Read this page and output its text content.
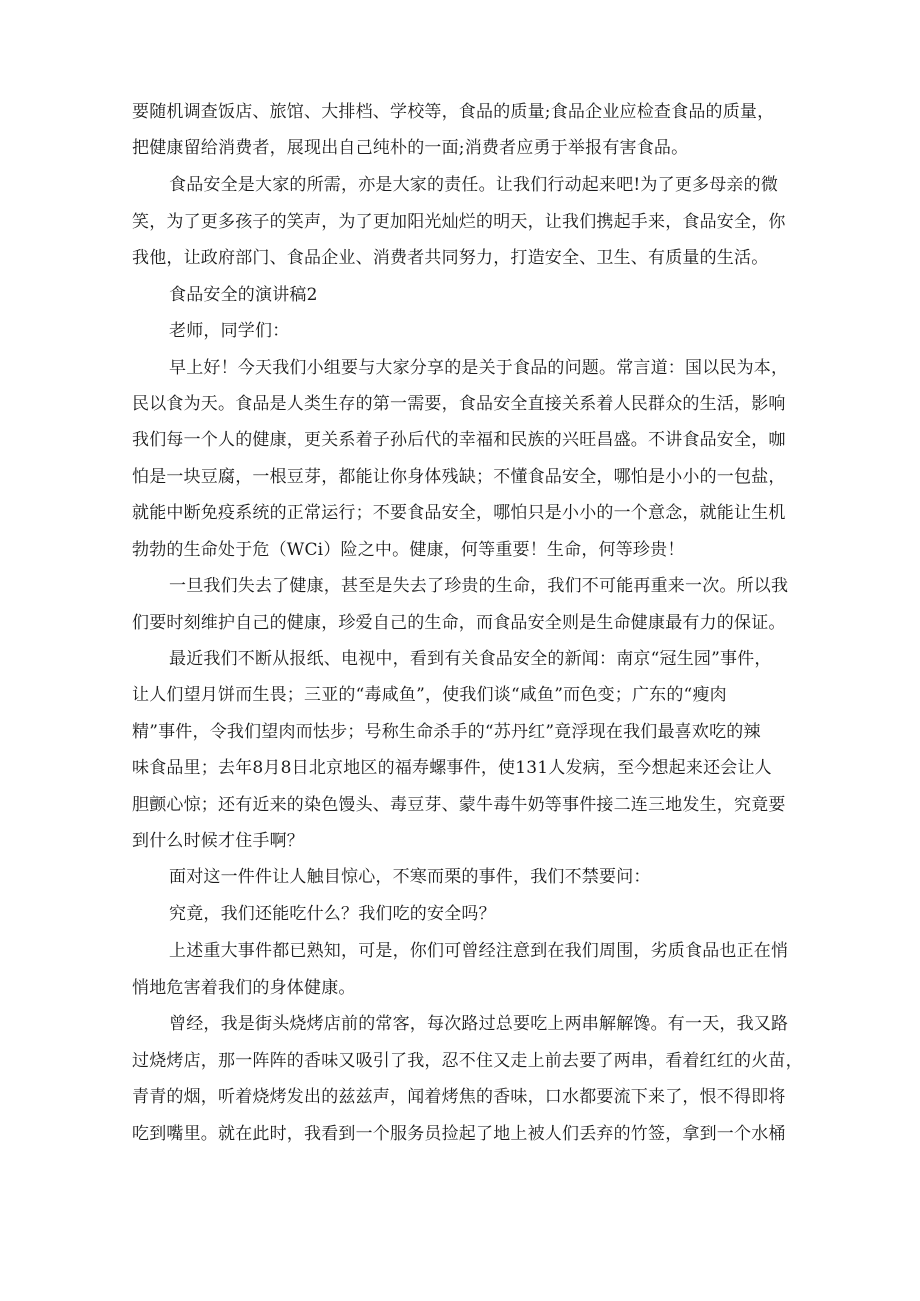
要随机调查饭店、旅馆、大排档、学校等，食品的质量;食品企业应检查食品的质量，
把健康留给消费者，展现出自己纯朴的一面;消费者应勇于举报有害食品。
食品安全是大家的所需，亦是大家的责任。让我们行动起来吧!为了更多母亲的微
笑，为了更多孩子的笑声，为了更加阳光灿烂的明天，让我们携起手来，食品安全，你
我他，让政府部门、食品企业、消费者共同努力，打造安全、卫生、有质量的生活。
食品安全的演讲稿2
老师，同学们：
早上好！今天我们小组要与大家分享的是关于食品的问题。常言道：国以民为本，
民以食为天。食品是人类生存的第一需要，食品安全直接关系着人民群众的生活，影响
我们每一个人的健康，更关系着子孙后代的幸福和民族的兴旺昌盛。不讲食品安全，咖
怕是一块豆腐，一根豆芽，都能让你身体残缺；不懂食品安全，哪怕是小小的一包盐，
就能中断免疫系统的正常运行；不要食品安全，哪怕只是小小的一个意念，就能让生机
勃勃的生命处于危（WCi）险之中。健康，何等重要！生命，何等珍贵！
一旦我们失去了健康，甚至是失去了珍贵的生命，我们不可能再重来一次。所以我
们要时刻维护自己的健康，珍爱自己的生命，而食品安全则是生命健康最有力的保证。
最近我们不断从报纸、电视中，看到有关食品安全的新闻：南京“冠生园”事件，
让人们望月饼而生畏；三亚的“毒咸鱼”，使我们谈“咸鱼”而色变；广东的“瘦肉
精”事件，令我们望肉而怯步；号称生命杀手的“苏丹红”竟浮现在我们最喜欢吃的辣
味食品里；去年8月8日北京地区的福寿螺事件，使131人发病，至今想起来还会让人
胆颤心惊；还有近来的染色馒头、毒豆芽、蒙牛毒牛奶等事件接二连三地发生，究竟要
到什么时候才住手啊？
面对这一件件让人触目惊心，不寒而栗的事件，我们不禁要问：
究竟，我们还能吃什么？我们吃的安全吗？
上述重大事件都已熟知，可是，你们可曾经注意到在我们周围，劣质食品也正在悄
悄地危害着我们的身体健康。
曾经，我是街头烧烤店前的常客，每次路过总要吃上两串解解馋。有一天，我又路
过烧烤店，那一阵阵的香味又吸引了我，忍不住又走上前去要了两串，看着红红的火苗，
青青的烟，听着烧烤发出的兹兹声，闻着烤焦的香味，口水都要流下来了，恨不得即将
吃到嘴里。就在此时，我看到一个服务员捡起了地上被人们丢弃的竹签，拿到一个水桶
